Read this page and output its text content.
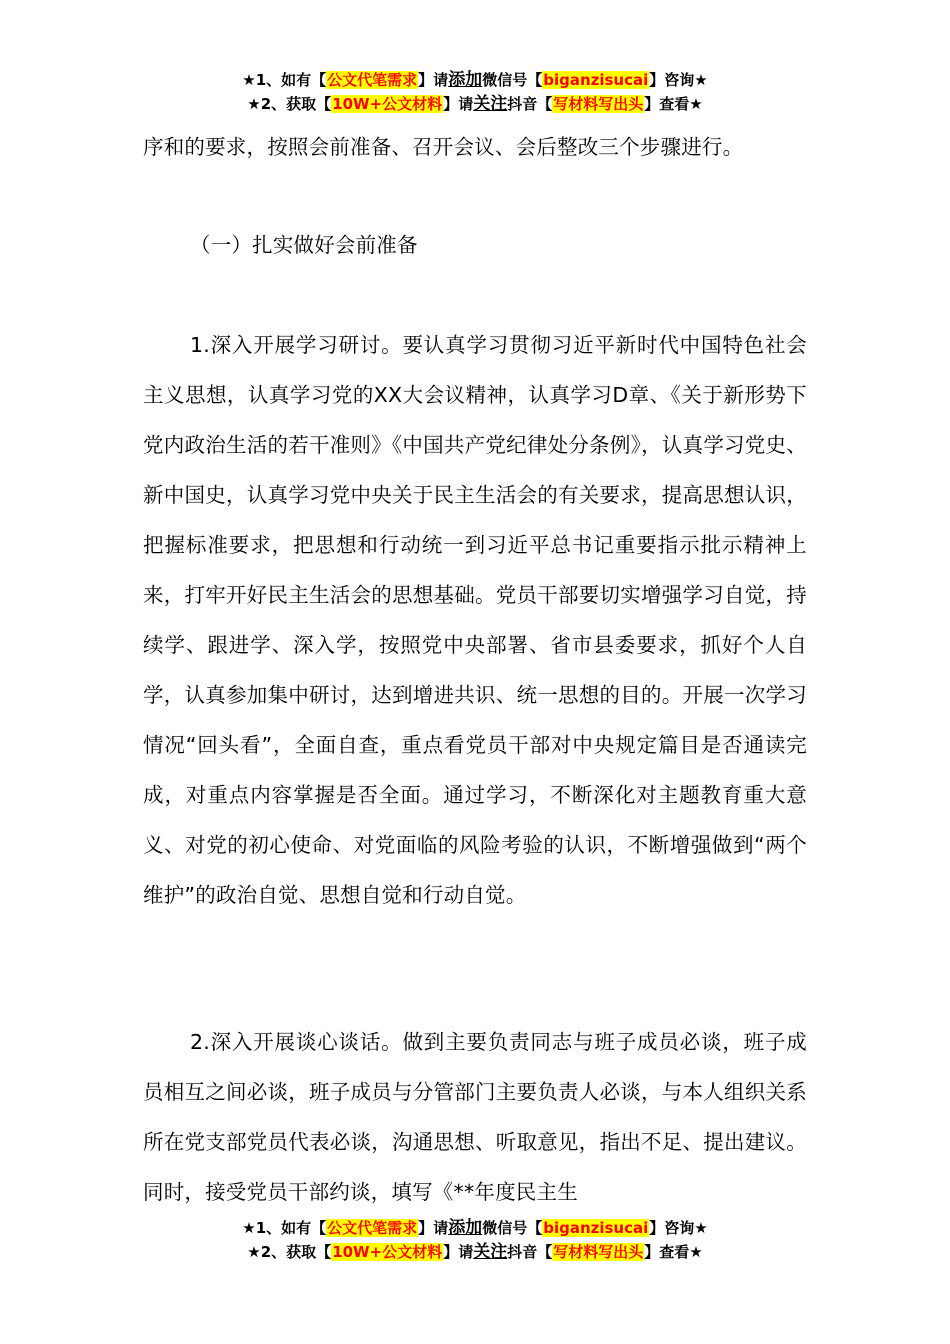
★1、如有【公文代笔需求】请添加微信号【biganzisucai】咨询★
★2、获取【10W+公文材料】请关注抖音【写材料写出头】查看★

序和的要求，按照会前准备、召开会议、会后整改三个步骤进行。

（一）扎实做好会前准备

1.深入开展学习研讨。要认真学习贯彻习近平新时代中国特色社会主义思想，认真学习党的XX大会议精神，认真学习D章、《关于新形势下党内政治生活的若干准则》《中国共产党纪律处分条例》，认真学习党史、新中国史，认真学习党中央关于民主生活会的有关要求，提高思想认识，把握标准要求，把思想和行动统一到习近平总书记重要指示批示精神上来，打牢开好民主生活会的思想基础。党员干部要切实增强学习自觉，持续学、跟进学、深入学，按照党中央部署、省市县委要求，抓好个人自学，认真参加集中研讨，达到增进共识、统一思想的目的。开展一次学习情况“回头看”，全面自查，重点看党员干部对中央规定篇目是否通读完成，对重点内容掌握是否全面。通过学习，不断深化对主题教育重大意义、对党的初心使命、对党面临的风险考验的认识，不断增强做到“两个维护”的政治自觉、思想自觉和行动自觉。

2.深入开展谈心谈话。做到主要负责同志与班子成员必谈，班子成员相互之间必谈，班子成员与分管部门主要负责人必谈，与本人组织关系所在党支部党员代表必谈，沟通思想、听取意见，指出不足、提出建议。同时，接受党员干部约谈，填写《**年度民主生

★1、如有【公文代笔需求】请添加微信号【biganzisucai】咨询★
★2、获取【10W+公文材料】请关注抖音【写材料写出头】查看★
